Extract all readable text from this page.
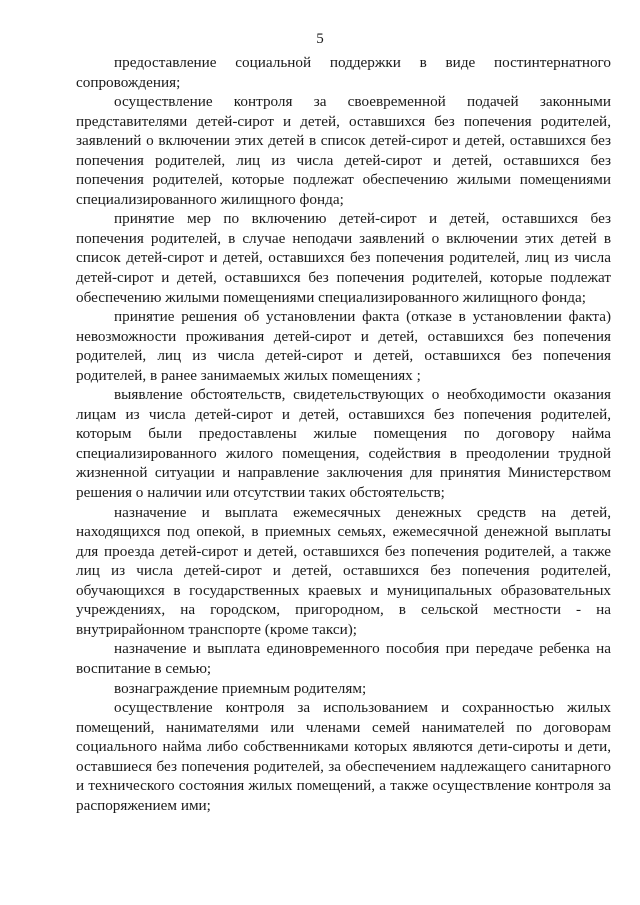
5

предоставление социальной поддержки в виде постинтернатного сопровождения;

осуществление контроля за своевременной подачей законными представителями детей-сирот и детей, оставшихся без попечения родителей, заявлений о включении этих детей в список детей-сирот и детей, оставшихся без попечения родителей, лиц из числа детей-сирот и детей, оставшихся без попечения родителей, которые подлежат обеспечению жилыми помещениями специализированного жилищного фонда;

принятие мер по включению детей-сирот и детей, оставшихся без попечения родителей, в случае неподачи заявлений о включении этих детей в список детей-сирот и детей, оставшихся без попечения родителей, лиц из числа детей-сирот и детей, оставшихся без попечения родителей, которые подлежат обеспечению жилыми помещениями специализированного жилищного фонда;

принятие решения об установлении факта (отказе в установлении факта) невозможности проживания детей-сирот и детей, оставшихся без попечения родителей, лиц из числа детей-сирот и детей, оставшихся без попечения родителей, в ранее занимаемых жилых помещениях ;

выявление обстоятельств, свидетельствующих о необходимости оказания лицам из числа детей-сирот и детей, оставшихся без попечения родителей, которым были предоставлены жилые помещения по договору найма специализированного жилого помещения, содействия в преодолении трудной жизненной ситуации и направление заключения для принятия Министерством решения о наличии или отсутствии таких обстоятельств;

назначение и выплата ежемесячных денежных средств на детей, находящихся под опекой, в приемных семьях, ежемесячной денежной выплаты для проезда детей-сирот и детей, оставшихся без попечения родителей, а также лиц из числа детей-сирот и детей, оставшихся без попечения родителей, обучающихся в государственных краевых и муниципальных образовательных учреждениях, на городском, пригородном, в сельской местности - на внутрирайонном транспорте (кроме такси);

назначение и выплата единовременного пособия при передаче ребенка на воспитание в семью;

вознаграждение приемным родителям;

осуществление контроля за использованием и сохранностью жилых помещений, нанимателями или членами семей нанимателей по договорам социального найма либо собственниками которых являются дети-сироты и дети, оставшиеся без попечения родителей, за обеспечением надлежащего санитарного и технического состояния жилых помещений, а также осуществление контроля за распоряжением ими;
